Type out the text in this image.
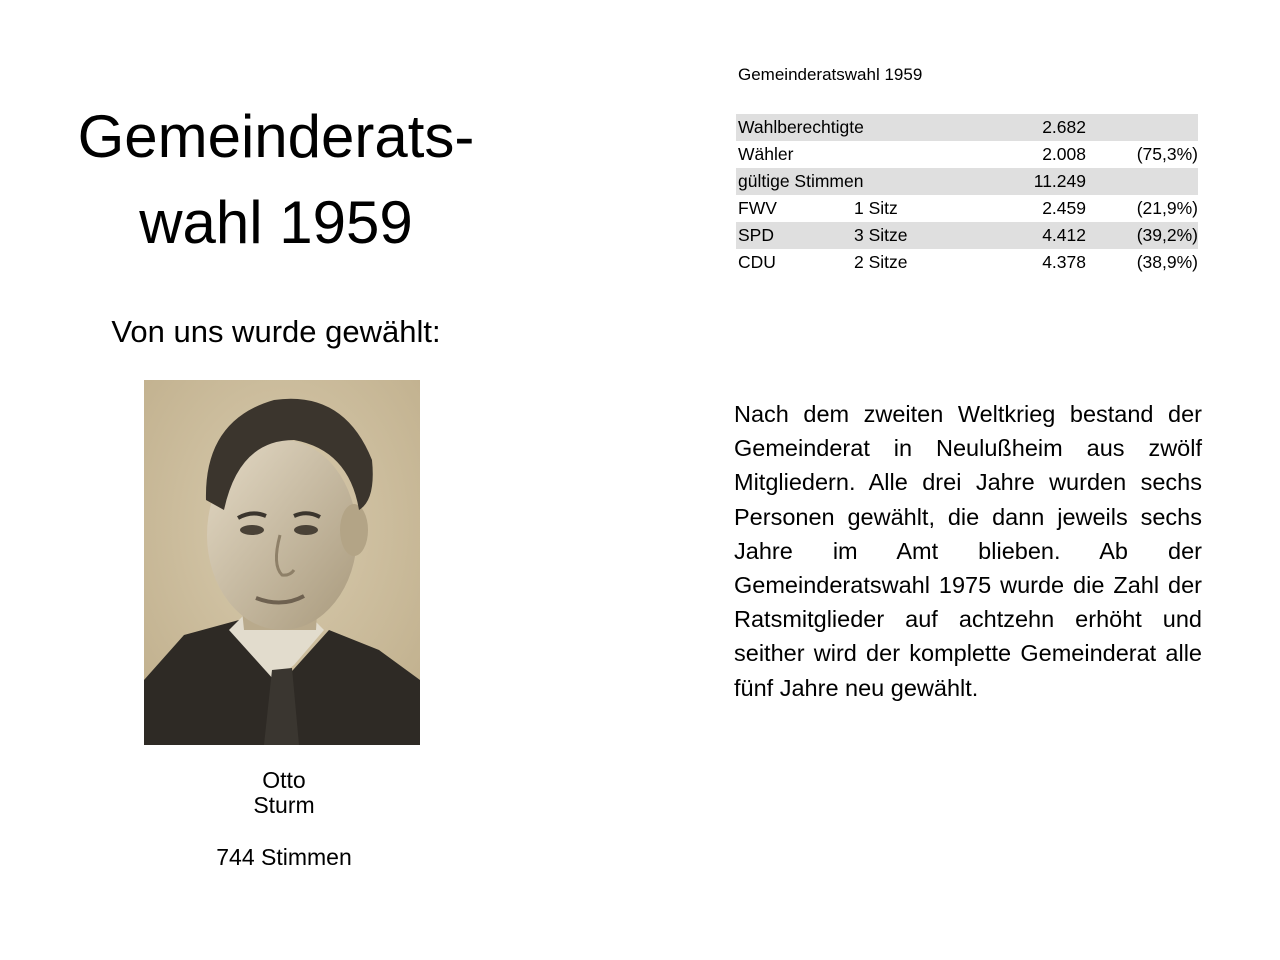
Gemeinderats-
wahl 1959
Von uns wurde gewählt:
Otto
Sturm
744 Stimmen
Gemeinderatswahl 1959
Wahlberechtigte		2.682	
Wähler		2.008	(75,3%)
gültige Stimmen		11.249	
FWV	1 Sitz	2.459	(21,9%)
SPD	3 Sitze	4.412	(39,2%)
CDU	2 Sitze	4.378	(38,9%)

Nach dem zweiten Weltkrieg bestand der Gemeinderat in Neulußheim aus zwölf Mitgliedern. Alle drei Jahre wurden sechs Personen gewählt, die dann jeweils sechs Jahre im Amt blieben. Ab der Gemeinderatswahl 1975 wurde die Zahl der Ratsmitglieder auf achtzehn erhöht und seither wird der komplette Gemeinderat alle fünf Jahre neu gewählt.
